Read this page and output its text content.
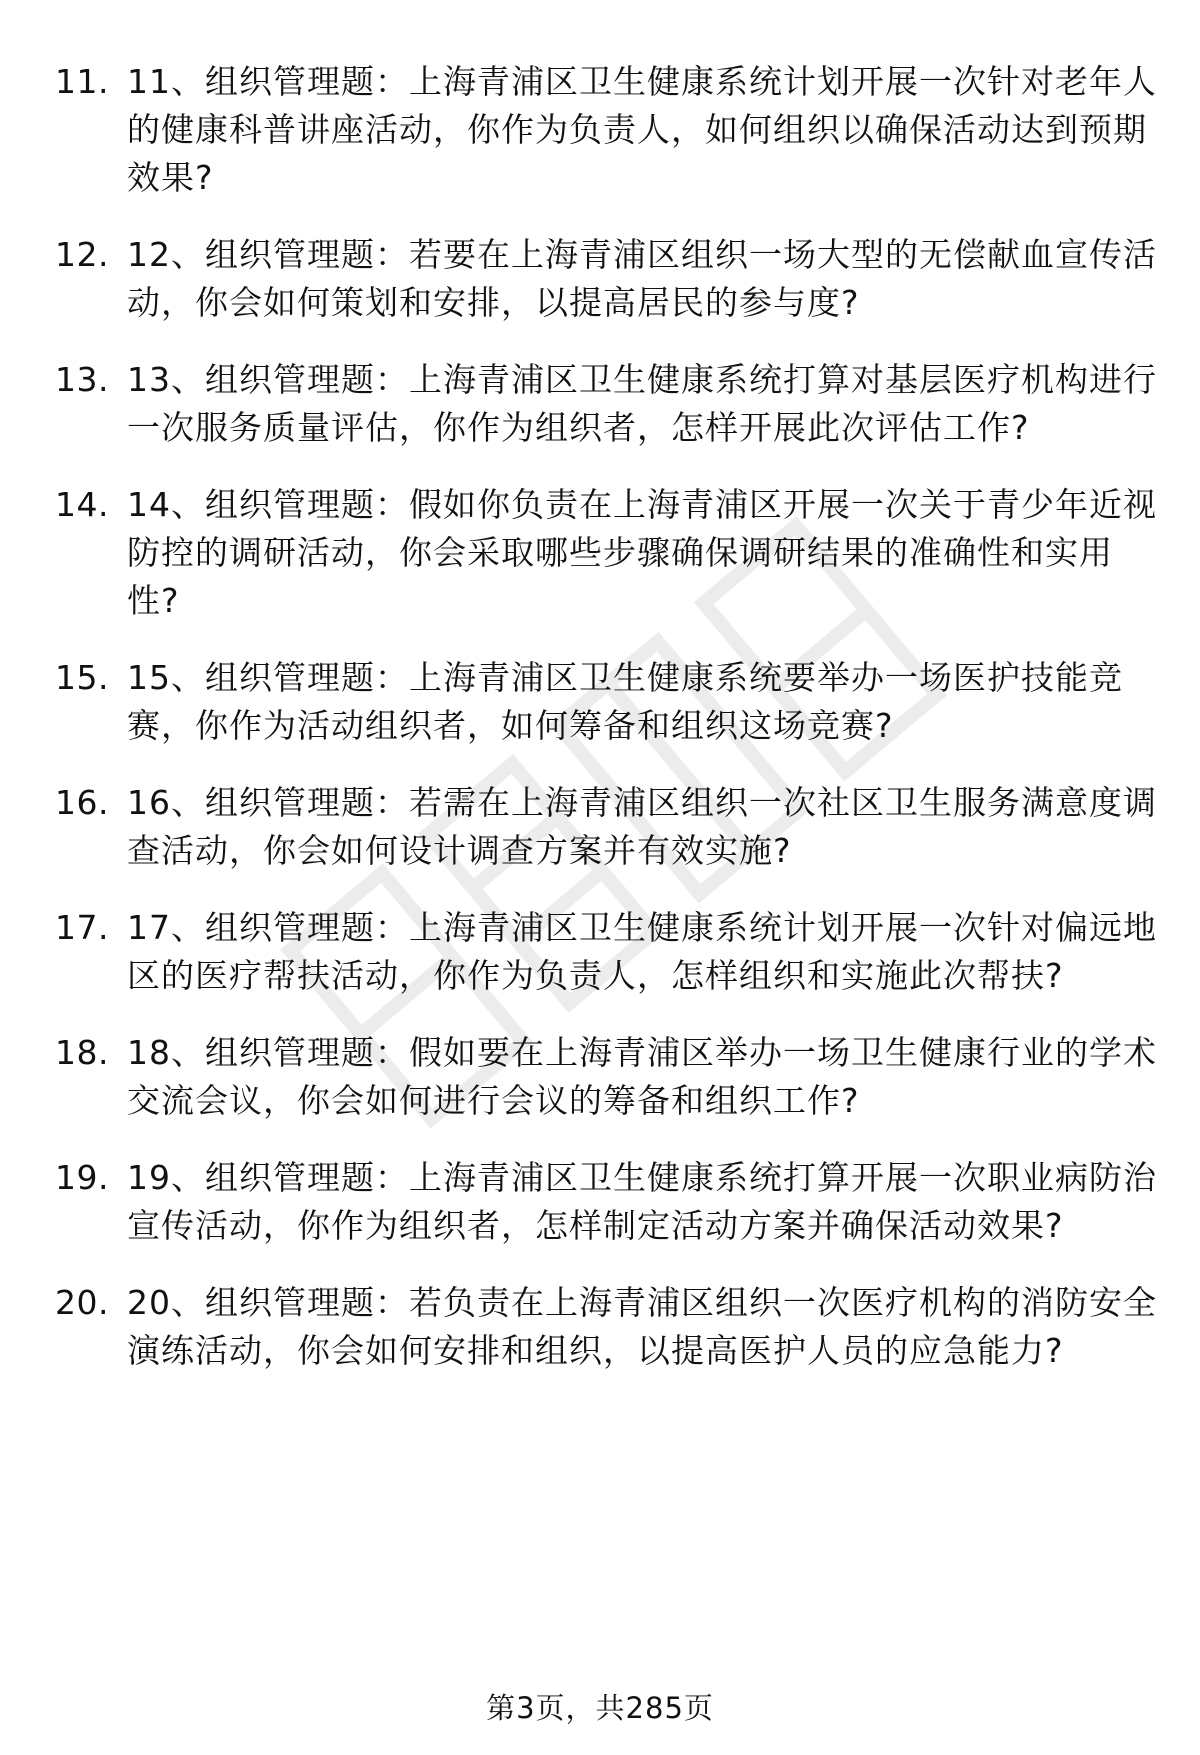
11. 11、组织管理题：上海青浦区卫生健康系统计划开展一次针对老年人的健康科普讲座活动，你作为负责人，如何组织以确保活动达到预期效果?
12. 12、组织管理题：若要在上海青浦区组织一场大型的无偿献血宣传活动，你会如何策划和安排，以提高居民的参与度?
13. 13、组织管理题：上海青浦区卫生健康系统打算对基层医疗机构进行一次服务质量评估，你作为组织者，怎样开展此次评估工作?
14. 14、组织管理题：假如你负责在上海青浦区开展一次关于青少年近视防控的调研活动，你会采取哪些步骤确保调研结果的准确性和实用性?
15. 15、组织管理题：上海青浦区卫生健康系统要举办一场医护技能竞赛，你作为活动组织者，如何筹备和组织这场竞赛?
16. 16、组织管理题：若需在上海青浦区组织一次社区卫生服务满意度调查活动，你会如何设计调查方案并有效实施?
17. 17、组织管理题：上海青浦区卫生健康系统计划开展一次针对偏远地区的医疗帮扶活动，你作为负责人，怎样组织和实施此次帮扶?
18. 18、组织管理题：假如要在上海青浦区举办一场卫生健康行业的学术交流会议，你会如何进行会议的筹备和组织工作?
19. 19、组织管理题：上海青浦区卫生健康系统打算开展一次职业病防治宣传活动，你作为组织者，怎样制定活动方案并确保活动效果?
20. 20、组织管理题：若负责在上海青浦区组织一次医疗机构的消防安全演练活动，你会如何安排和组织，以提高医护人员的应急能力?
第3页，共285页
